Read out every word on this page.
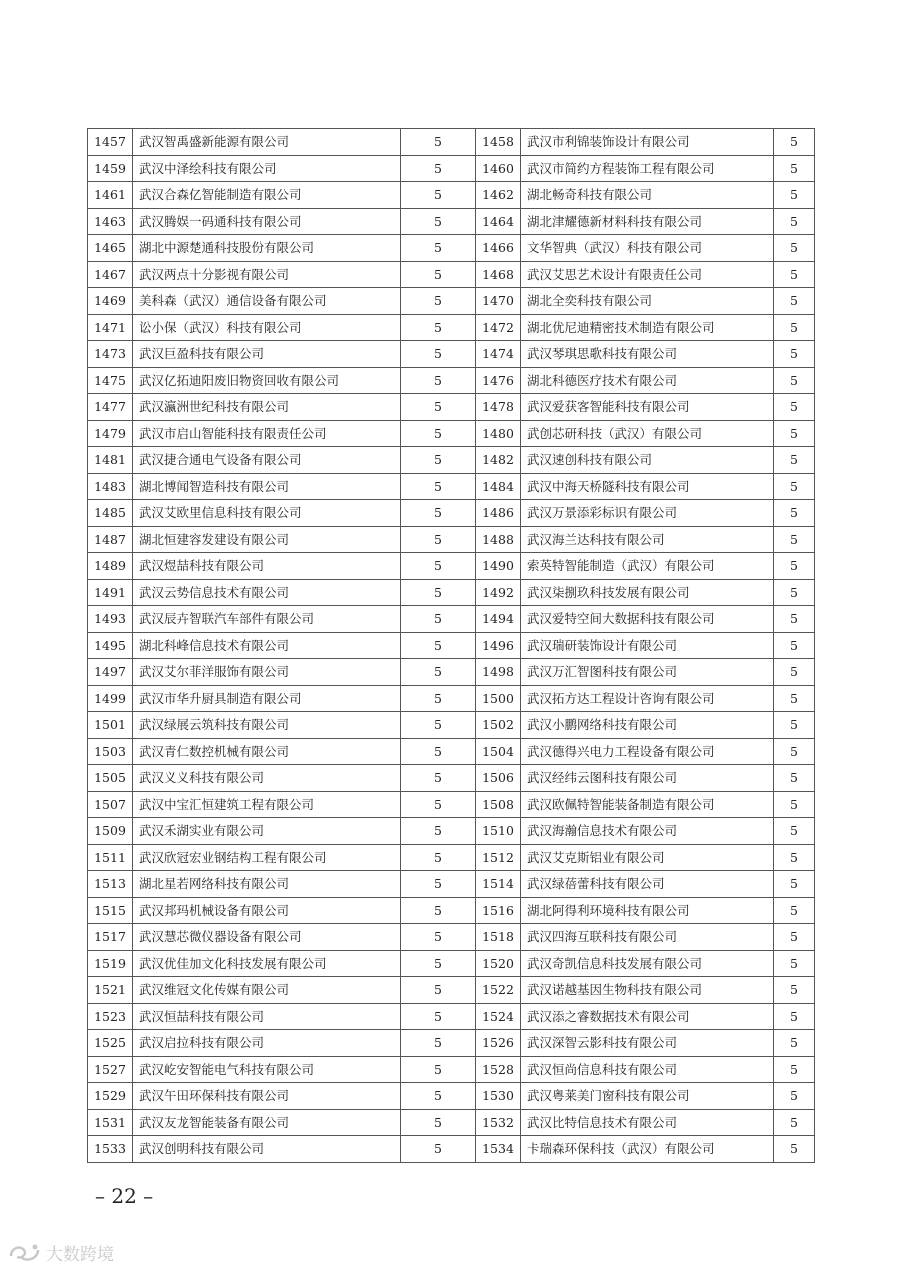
1457	武汉智禹盛新能源有限公司	5	1458	武汉市利锦装饰设计有限公司	5
1459	武汉中泽绘科技有限公司	5	1460	武汉市简约方程装饰工程有限公司	5
1461	武汉合森亿智能制造有限公司	5	1462	湖北畅奇科技有限公司	5
1463	武汉腾娱一码通科技有限公司	5	1464	湖北津耀德新材料科技有限公司	5
1465	湖北中源楚通科技股份有限公司	5	1466	文华智典（武汉）科技有限公司	5
1467	武汉两点十分影视有限公司	5	1468	武汉艾思艺术设计有限责任公司	5
1469	美科森（武汉）通信设备有限公司	5	1470	湖北全奕科技有限公司	5
1471	讼小保（武汉）科技有限公司	5	1472	湖北优尼迪精密技术制造有限公司	5
1473	武汉巨盈科技有限公司	5	1474	武汉琴琪思歌科技有限公司	5
1475	武汉亿拓迪阳废旧物资回收有限公司	5	1476	湖北科德医疗技术有限公司	5
1477	武汉瀛洲世纪科技有限公司	5	1478	武汉爱获客智能科技有限公司	5
1479	武汉市启山智能科技有限责任公司	5	1480	武创芯研科技（武汉）有限公司	5
1481	武汉捷合通电气设备有限公司	5	1482	武汉速创科技有限公司	5
1483	湖北博闻智造科技有限公司	5	1484	武汉中海天桥隧科技有限公司	5
1485	武汉艾欧里信息科技有限公司	5	1486	武汉万景添彩标识有限公司	5
1487	湖北恒建容发建设有限公司	5	1488	武汉海兰达科技有限公司	5
1489	武汉煜喆科技有限公司	5	1490	索英特智能制造（武汉）有限公司	5
1491	武汉云势信息技术有限公司	5	1492	武汉柒捌玖科技发展有限公司	5
1493	武汉辰卉智联汽车部件有限公司	5	1494	武汉爱特空间大数据科技有限公司	5
1495	湖北科峰信息技术有限公司	5	1496	武汉瑞研装饰设计有限公司	5
1497	武汉艾尔菲洋服饰有限公司	5	1498	武汉万汇智图科技有限公司	5
1499	武汉市华升厨具制造有限公司	5	1500	武汉拓方达工程设计咨询有限公司	5
1501	武汉绿展云筑科技有限公司	5	1502	武汉小鹏网络科技有限公司	5
1503	武汉青仁数控机械有限公司	5	1504	武汉德得兴电力工程设备有限公司	5
1505	武汉义义科技有限公司	5	1506	武汉经纬云图科技有限公司	5
1507	武汉中宝汇恒建筑工程有限公司	5	1508	武汉欧佩特智能装备制造有限公司	5
1509	武汉禾湖实业有限公司	5	1510	武汉海瀚信息技术有限公司	5
1511	武汉欣冠宏业钢结构工程有限公司	5	1512	武汉艾克斯铝业有限公司	5
1513	湖北星若网络科技有限公司	5	1514	武汉绿蓓蕾科技有限公司	5
1515	武汉邦玛机械设备有限公司	5	1516	湖北阿得利环境科技有限公司	5
1517	武汉慧芯微仪器设备有限公司	5	1518	武汉四海互联科技有限公司	5
1519	武汉优佳加文化科技发展有限公司	5	1520	武汉奇凯信息科技发展有限公司	5
1521	武汉维冠文化传媒有限公司	5	1522	武汉诺越基因生物科技有限公司	5
1523	武汉恒喆科技有限公司	5	1524	武汉添之睿数据技术有限公司	5
1525	武汉启拉科技有限公司	5	1526	武汉深智云影科技有限公司	5
1527	武汉屹安智能电气科技有限公司	5	1528	武汉恒尚信息科技有限公司	5
1529	武汉午田环保科技有限公司	5	1530	武汉粤莱美门窗科技有限公司	5
1531	武汉友龙智能装备有限公司	5	1532	武汉比特信息技术有限公司	5
1533	武汉创明科技有限公司	5	1534	卡瑞森环保科技（武汉）有限公司	5
– 22 –
大数跨境
